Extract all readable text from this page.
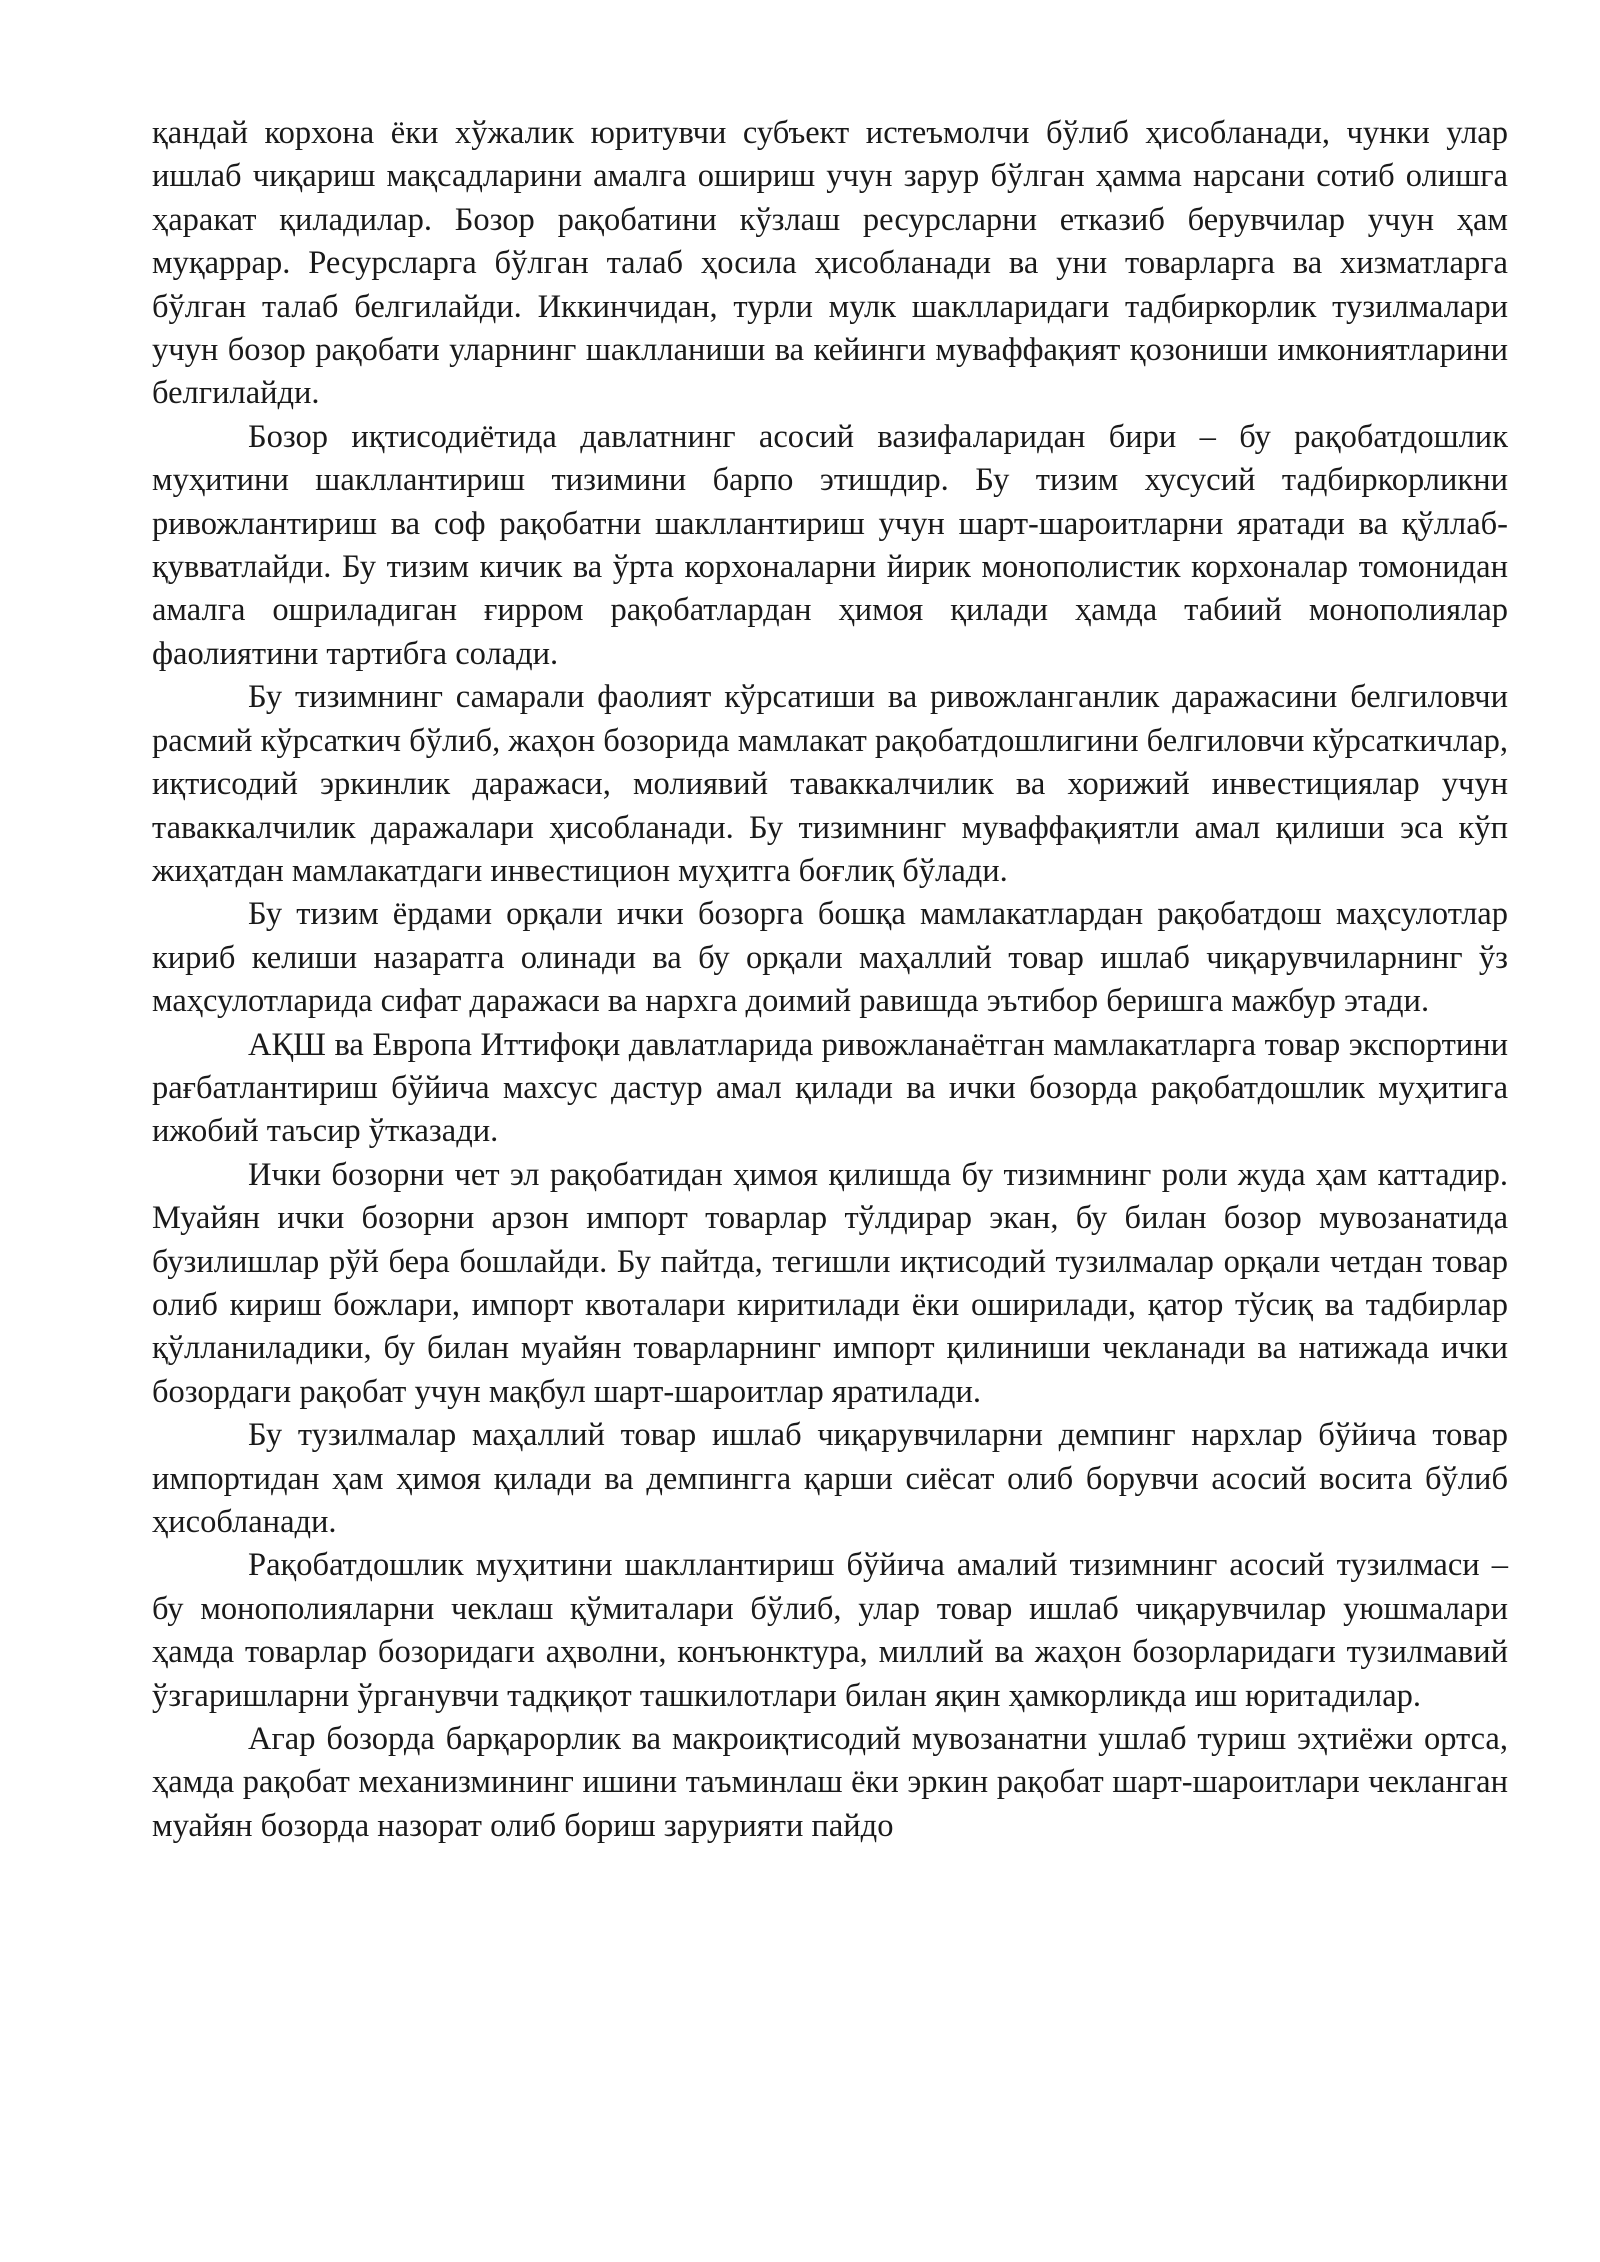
қандай корхона ёки хўжалик юритувчи субъект истеъмолчи бўлиб ҳисобланади, чунки улар ишлаб чиқариш мақсадларини амалга ошириш учун зарур бўлган ҳамма нарсани сотиб олишга ҳаракат қиладилар. Бозор рақобатини кўзлаш ресурсларни етказиб берувчилар учун ҳам муқаррар. Ресурсларга бўлган талаб ҳосила ҳисобланади ва уни товарларга ва хизматларга бўлган талаб белгилайди. Иккинчидан, турли мулк шаклларидаги тадбиркорлик тузилмалари учун бозор рақобати уларнинг шаклланиши ва кейинги муваффақият қозониши имкониятларини белгилайди.

Бозор иқтисодиётида давлатнинг асосий вазифаларидан бири – бу рақобатдошлик муҳитини шакллантириш тизимини барпо этишдир. Бу тизим хусусий тадбиркорликни ривожлантириш ва соф рақобатни шакллантириш учун шарт-шароитларни яратади ва қўллаб-қувватлайди. Бу тизим кичик ва ўрта корхоналарни йирик монополистик корхоналар томонидан амалга ошриладиган ғирром рақобатлардан ҳимоя қилади ҳамда табиий монополиялар фаолиятини тартибга солади.

Бу тизимнинг самарали фаолият кўрсатиши ва ривожланганлик даражасини белгиловчи расмий кўрсаткич бўлиб, жаҳон бозорида мамлакат рақобатдошлигини белгиловчи кўрсаткичлар, иқтисодий эркинлик даражаси, молиявий таваккалчилик ва хорижий инвестициялар учун таваккалчилик даражалари ҳисобланади. Бу тизимнинг муваффақиятли амал қилиши эса кўп жиҳатдан мамлакатдаги инвестицион муҳитга боғлиқ бўлади.

Бу тизим ёрдами орқали ички бозорга бошқа мамлакатлардан рақобатдош маҳсулотлар кириб келиши назаратга олинади ва бу орқали маҳаллий товар ишлаб чиқарувчиларнинг ўз маҳсулотларида сифат даражаси ва нархга доимий равишда эътибор беришга мажбур этади.

АҚШ ва Европа Иттифоқи давлатларида ривожланаётган мамлакатларга товар экспортини рағбатлантириш бўйича махсус дастур амал қилади ва ички бозорда рақобатдошлик муҳитига ижобий таъсир ўтказади.

Ички бозорни чет эл рақобатидан ҳимоя қилишда бу тизимнинг роли жуда ҳам каттадир. Муайян ички бозорни арзон импорт товарлар тўлдирар экан, бу билан бозор мувозанатида бузилишлар рўй бера бошлайди. Бу пайтда, тегишли иқтисодий тузилмалар орқали четдан товар олиб кириш божлари, импорт квоталари киритилади ёки оширилади, қатор тўсиқ ва тадбирлар қўлланиладики, бу билан муайян товарларнинг импорт қилиниши чекланади ва натижада ички бозордаги рақобат учун мақбул шарт-шароитлар яратилади.

Бу тузилмалар маҳаллий товар ишлаб чиқарувчиларни демпинг нархлар бўйича товар импортидан ҳам ҳимоя қилади ва демпингга қарши сиёсат олиб борувчи асосий восита бўлиб ҳисобланади.

Рақобатдошлик муҳитини шакллантириш бўйича амалий тизимнинг асосий тузилмаси – бу монополияларни чеклаш қўмиталари бўлиб, улар товар ишлаб чиқарувчилар уюшмалари ҳамда товарлар бозоридаги аҳволни, конъюнктура, миллий ва жаҳон бозорларидаги тузилмавий ўзгаришларни ўрганувчи тадқиқот ташкилотлари билан яқин ҳамкорликда иш юритадилар.

Агар бозорда барқарорлик ва макроиқтисодий мувозанатни ушлаб туриш эҳтиёжи ортса, ҳамда рақобат механизмининг ишини таъминлаш ёки эркин рақобат шарт-шароитлари чекланган муайян бозорда назорат олиб бориш зарурияти пайдо
